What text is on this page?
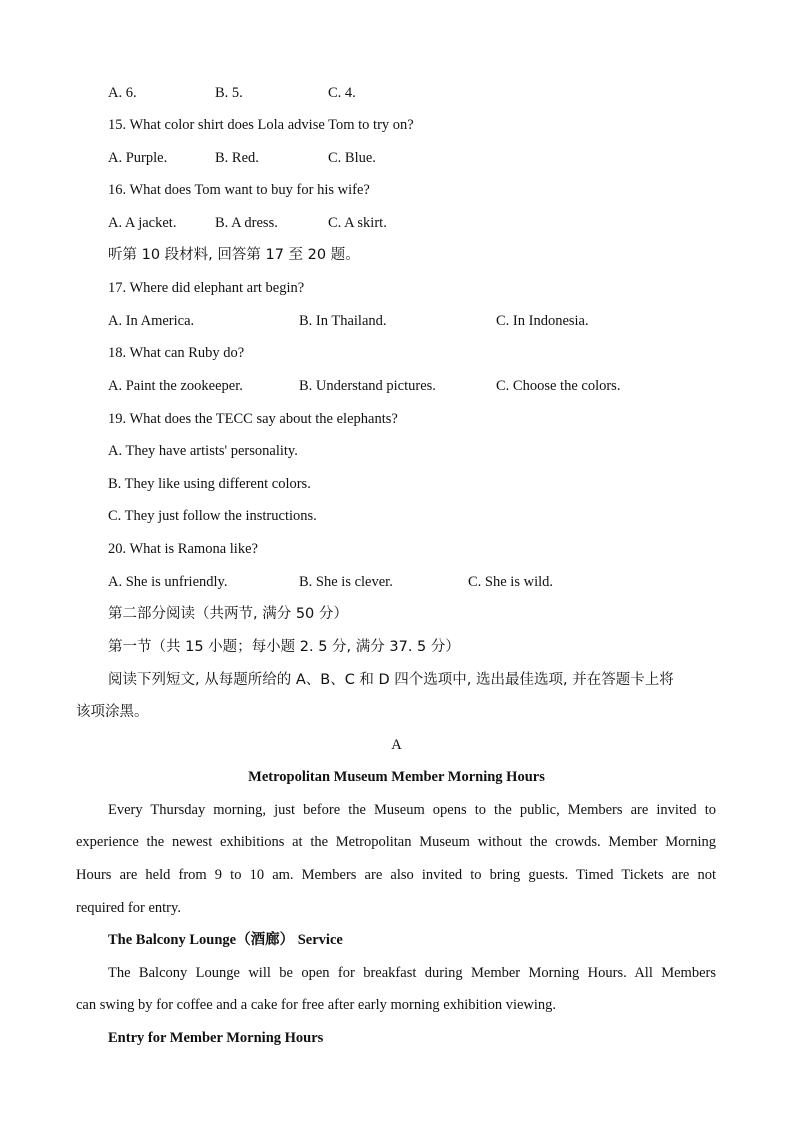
A. 6.	B. 5.	C. 4.
15. What color shirt does Lola advise Tom to try on?
A. Purple.	B. Red.	C. Blue.
16. What does Tom want to buy for his wife?
A. A jacket.	B. A dress.	C. A skirt.
听第 10 段材料, 回答第 17 至 20 题。
17. Where did elephant art begin?
A. In America.	B. In Thailand.	C. In Indonesia.
18. What can Ruby do?
A. Paint the zookeeper.	B. Understand pictures.	C. Choose the colors.
19. What does the TECC say about the elephants?
A. They have artists' personality.
B. They like using different colors.
C. They just follow the instructions.
20. What is Ramona like?
A. She is unfriendly.	B. She is clever.	C. She is wild.
第二部分阅读（共两节, 满分 50 分）
第一节（共 15 小题；每小题 2. 5 分, 满分 37. 5 分）
阅读下列短文, 从每题所给的 A、B、C 和 D 四个选项中, 选出最佳选项, 并在答题卡上将
该项涂黑。
A
Metropolitan Museum Member Morning Hours
Every Thursday morning, just before the Museum opens to the public, Members are invited to
experience the newest exhibitions at the Metropolitan Museum without the crowds. Member Morning
Hours are held from 9 to 10 am. Members are also invited to bring guests. Timed Tickets are not
required for entry.
The Balcony Lounge（酒廊） Service
The Balcony Lounge will be open for breakfast during Member Morning Hours. All Members
can swing by for coffee and a cake for free after early morning exhibition viewing.
Entry for Member Morning Hours
